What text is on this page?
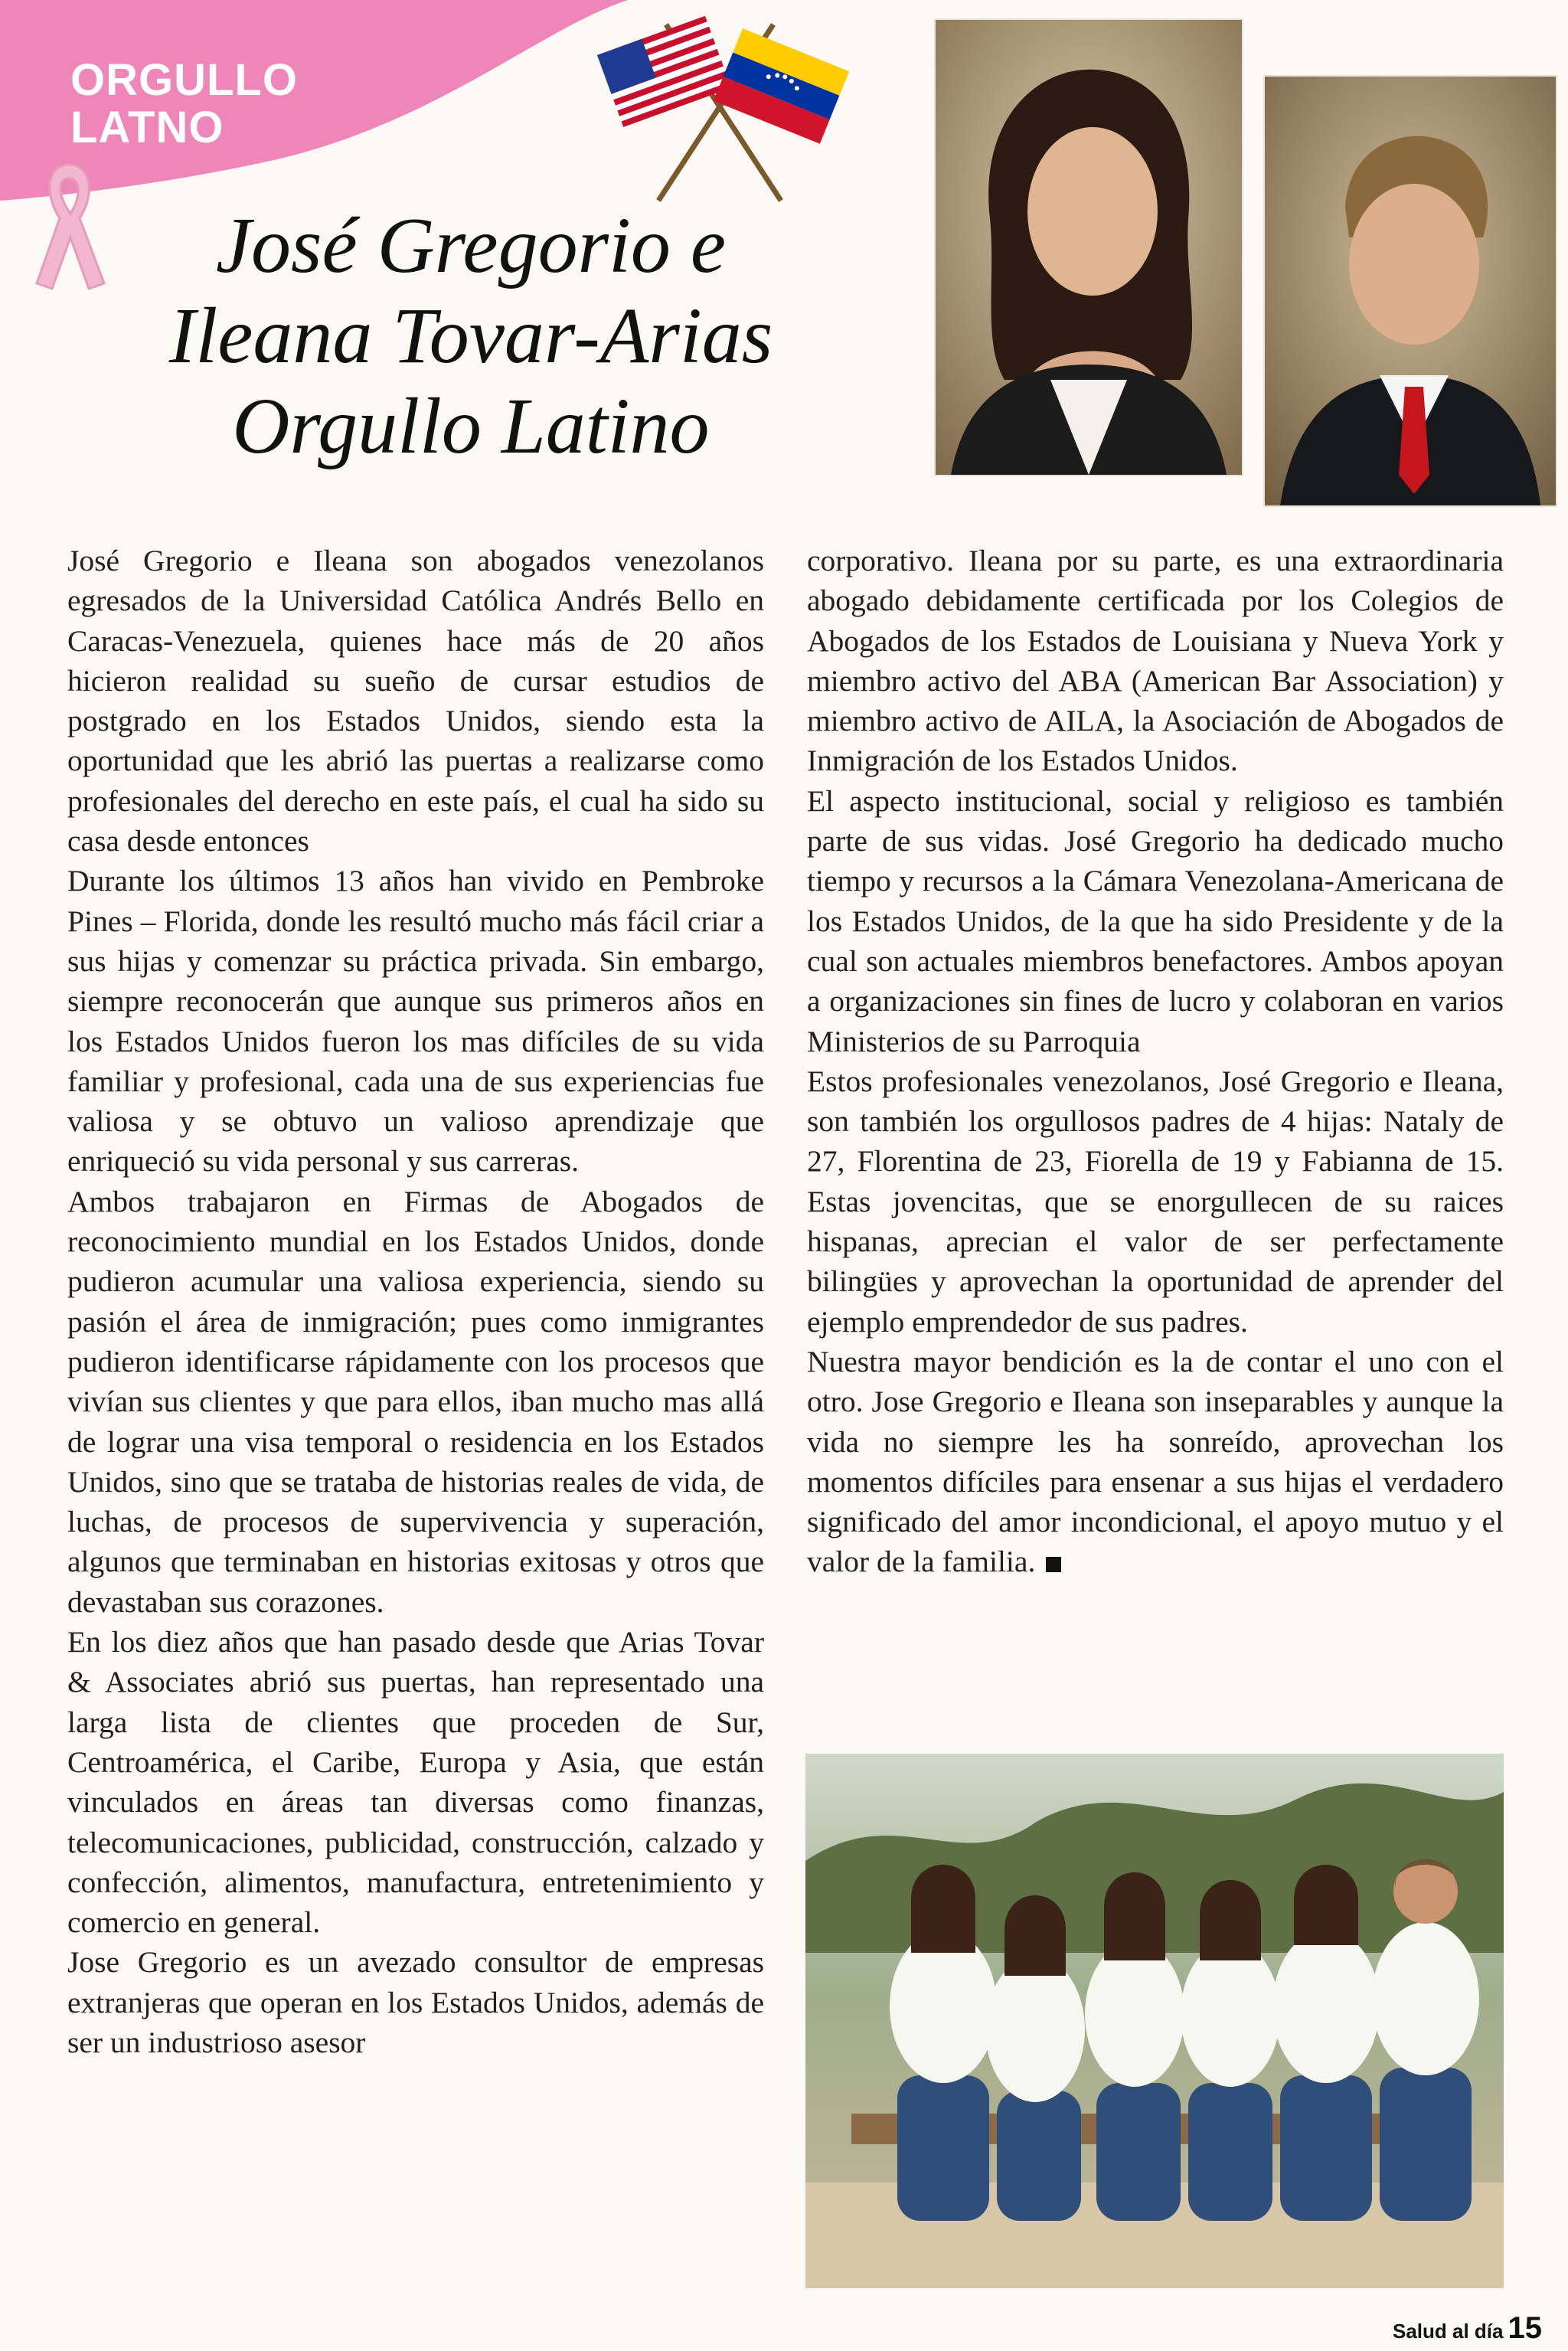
ORGULLO
LATNO
José Gregorio e
Ileana Tovar-Arias
Orgullo Latino

José Gregorio e Ileana son abogados venezolanos egresados de la Universidad Católica Andrés Bello en Caracas-Venezuela, quienes hace más de 20 años hicieron realidad su sueño de cursar estudios de postgrado en los Estados Unidos, siendo esta la oportunidad que les abrió las puertas a realizarse como profesionales del derecho en este país, el cual ha sido su casa desde entonces

Durante los últimos 13 años han vivido en Pembroke Pines – Florida, donde les resultó mucho más fácil criar a sus hijas y comenzar su práctica privada. Sin embargo, siempre reconocerán que aunque sus primeros años en los Estados Unidos fueron los mas difíciles de su vida familiar y profesional, cada una de sus experiencias fue valiosa y se obtuvo un valioso aprendizaje que enriqueció su vida personal y sus carreras.

Ambos trabajaron en Firmas de Abogados de reconocimiento mundial en los Estados Unidos, donde pudieron acumular una valiosa experiencia, siendo su pasión el área de inmigración; pues como inmigrantes pudieron identificarse rápidamente con los procesos que vivían sus clientes y que para ellos, iban mucho mas allá de lograr una visa temporal o residencia en los Estados Unidos, sino que se trataba de historias reales de vida, de luchas, de procesos de supervivencia y superación, algunos que terminaban en historias exitosas y otros que devastaban sus corazones.

En los diez años que han pasado desde que Arias Tovar & Associates abrió sus puertas, han representado una larga lista de clientes que proceden de Sur, Centroamérica, el Caribe, Europa y Asia, que están vinculados en áreas tan diversas como finanzas, telecomunicaciones, publicidad, construcción, calzado y confección, alimentos, manufactura, entretenimiento y comercio en general.

Jose Gregorio es un avezado consultor de empresas extranjeras que operan en los Estados Unidos, además de ser un industrioso asesor

corporativo. Ileana por su parte, es una extraordinaria abogado debidamente certificada por los Colegios de Abogados de los Estados de Louisiana y Nueva York y miembro activo del ABA (American Bar Association) y miembro activo de AILA, la Asociación de Abogados de Inmigración de los Estados Unidos.

El aspecto institucional, social y religioso es también parte de sus vidas. José Gregorio ha dedicado mucho tiempo y recursos a la Cámara Venezolana-Americana de los Estados Unidos, de la que ha sido Presidente y de la cual son actuales miembros benefactores. Ambos apoyan a organizaciones sin fines de lucro y colaboran en varios Ministerios de su Parroquia

Estos profesionales venezolanos, José Gregorio e Ileana, son también los orgullosos padres de 4 hijas: Nataly de 27, Florentina de 23, Fiorella de 19 y Fabianna de 15. Estas jovencitas, que se enorgullecen de su raices hispanas, aprecian el valor de ser perfectamente bilingües y aprovechan la oportunidad de aprender del ejemplo emprendedor de sus padres.

Nuestra mayor bendición es la de contar el uno con el otro. Jose Gregorio e Ileana son inseparables y aunque la vida no siempre les ha sonreído, aprovechan los momentos difíciles para ensenar a sus hijas el verdadero significado del amor incondicional, el apoyo mutuo y el valor de la familia.

Salud al día 15
